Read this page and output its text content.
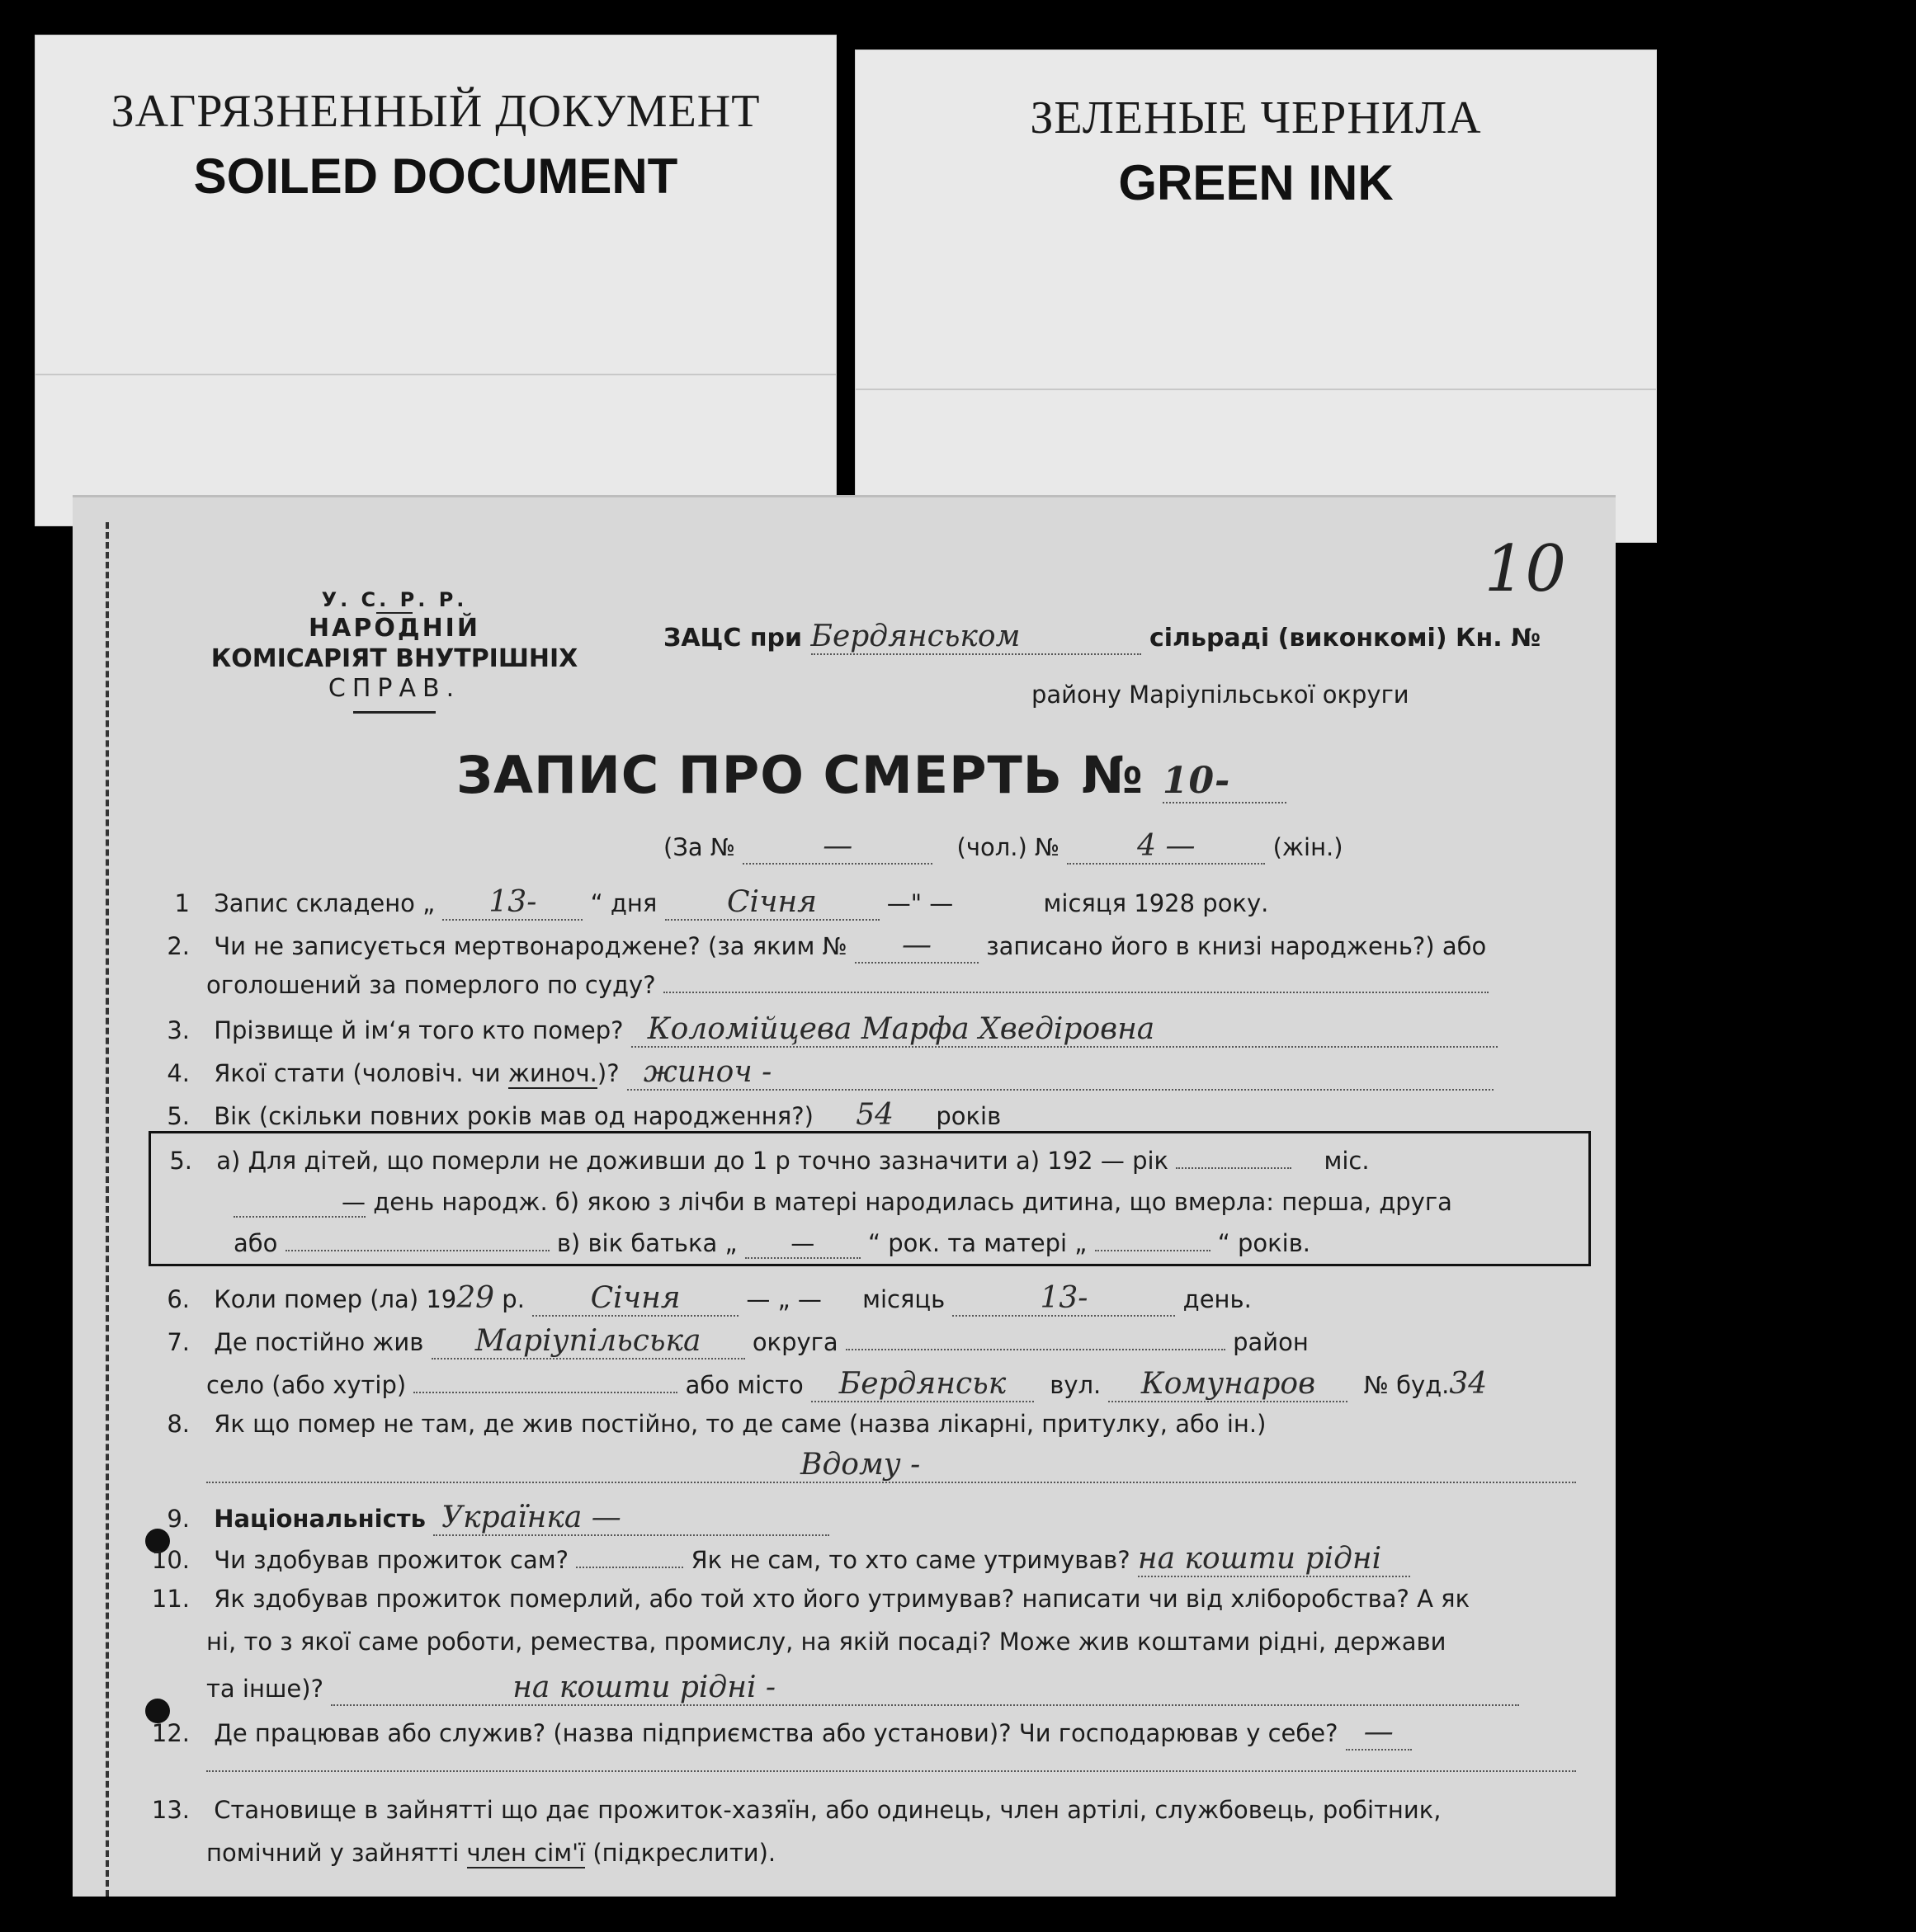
ЗАГРЯЗНЕННЫЙ ДОКУМЕНТ
SOILED DOCUMENT
ЗЕЛЕНЫЕ ЧЕРНИЛА
GREEN INK
10
У. С. Р. Р.
НАРОДНІЙ
КОМІСАРІЯТ ВНУТРІШНІХ
СПРАВ.
ЗАЦС при Бердянськом	сільраді (виконкомі) Кн. №
району Маріупільської округи
ЗАПИС ПРО СМЕРТЬ № 10-
(За №	—	(чол.) №	4 —	(жін.)
1 Запис складено „ 13- “ дня Січня	—" —	місяця 1928 року.
2. Чи не записується мертвонароджене? (за яким № — записано його в книзі народжень?) або
оголошений за померлого по суду?
3. Прізвище й ім‘я того кто помер? Коломійцева Марфа Хведірoвна
4. Якої стати (чоловіч. чи жиноч.)? жиноч -
5. Вік (скільки повних років мав од народження?) 54 років
5. а) Для дітей, що померли не доживши до 1 р точно зазначити а) 192 — рік	міс.
— день народж. б) якою з лічби в матері народилась дитина, що вмерла: перша, друга
або	в) вік батька „ — “ рок. та матері „	“ років.
6. Коли помер (ла) 1929 р. Січня	— „ — місяць	13-	день.
7. Де постійно жив Маріупільська округа	район
село (або хутір)	або місто Бердянськ вул. Комунаров № буд.34
8. Як що помер не там, де жив постійно, то де саме (назва лікарні, притулку, або ін.)
Вдому -
9. Національність Українка —
10. Чи здобував прожиток сам?	Як не сам, то хто саме утримував? на кошти рідні
11. Як здобував прожиток померлий, або той хто його утримував? написати чи від хліборобства? А як
ні, то з якої саме роботи, ремества, промислу, на якій посаді? Може жив коштами рідні, держави
та інше)?	на кошти рідні -
12. Де працював або служив? (назва підприємства або установи)? Чи господарював у себе? —
13. Становище в зайнятті що дає прожиток-хазяїн, або одинець, член артілі, службовець, робітник,
помічний у зайнятті член сім'ї (підкреслити).
